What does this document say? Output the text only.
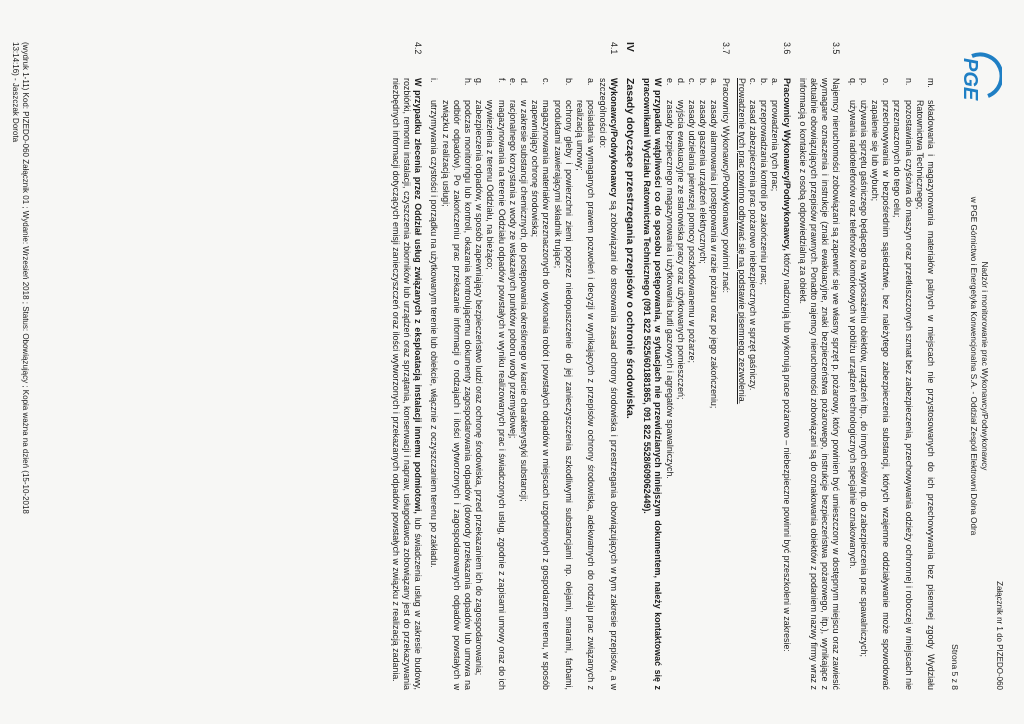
PGE
Nadzór i monitorowanie prac Wykonawcy/Podwykonawcy
w PGE Górnictwo i Energetyka Konwencjonalna S.A. - Oddział Zespół Elektrowni Dolna Odra
Załącznik nr 1 do PIZEDO-060
Strona 5 z 8
m.
składowania i magazynowania materiałów palnych w miejscach nie przystosowanych do ich przechowywania bez pisemnej zgody Wydziału Ratownictwa Technicznego;
n.
pozostawiania czyściwa do maszyn oraz przetłuszczonych szmat bez zabezpieczenia, przechowywania odzieży ochronnej i roboczej w miejscach nie przeznaczonych do tego celu;
o.
przechowywania w bezpośrednim sąsiedztwie, bez należytego zabezpieczenia substancji, których wzajemne oddziaływanie może spowodować zapalenie się lub wybuch;
p.
używania sprzętu gaśniczego będącego na wyposażeniu obiektów, urządzeń itp., do innych celów np. do zabezpieczenia prac spawalniczych;
q.
używania radiotelefonów oraz telefonów komórkowych w pobliżu urządzeń technologicznych specjalnie oznakowanych.
3.5
Najemcy nieruchomości zobowiązani są zapewnić się we własny sprzęt p. pożarowy, który powinien być umieszczony w dostępnym miejscu oraz zawiesić wymagane oznaczenia i instrukcje (znaki ewakuacyjne, znaki bezpieczeństwa pożarowego, instrukcje bezpieczeństwa pożarowego, itp.), wynikające z aktualnie obowiązujących przepisów prawnych. Ponadto najemcy nieruchomości zobowiązani są do oznakowania obiektów z podaniem nazwy firmy wraz z informacją o kontakcie z osobą odpowiedzialną za obiekt.
3.6
Pracownicy Wykonawcy/Podwykonawcy, którzy nadzorują lub wykonują prace pożarowo – niebezpieczne powinni być przeszkoleni w zakresie:
a.
prowadzenia tych prac;
b.
przeprowadzania kontroli po zakończeniu prac;
c.
zasad zabezpieczenia prac pożarowo niebezpiecznych w sprzęt gaśniczy.
Prowadzenie tych prac powinno odbywać się na podstawie pisemnego zezwolenia.
3.7
Pracownicy Wykonawcy/Podwykonawcy powinni znać:
a.
zasady alarmowania i postępowania w razie pożaru oraz po jego zakończeniu;
b.
zasady gaszenia urządzeń elektrycznych;
c.
zasady udzielania pierwszej pomocy poszkodowanemu w pożarze;
d.
wyjścia ewakuacyjne ze stanowiska pracy oraz użytkowanych pomieszczeń;
e.
zasady bezpiecznego magazynowania i użytkowania butli gazowych i agregatów spawalniczych.
W przypadku wątpliwości co do sposobu postępowania, w sytuacjach nie przewidzianych niniejszym dokumentem, należy kontaktować się z pracownikami Wydziału Ratownictwa Technicznego (091 822 5525/601881865, 091 822 5528/609062449).
IV
Zasady dotyczące przestrzegania przepisów o ochronie środowiska.
4.1
Wykonawcy/Podwykonawcy są zobowiązani do stosowania zasad ochrony środowiska i przestrzegania obowiązujących w tym zakresie przepisów, a w szczególności do:
a.
posiadania wymaganych prawem pozwoleń i decyzji w wynikających z przepisów ochrony środowiska, adekwatnych do rodzaju prac związanych z realizacją umowy;
b.
ochrony gleby i powierzchni ziemi poprzez niedopuszczenie do jej zanieczyszczenia szkodliwymi substancjami np. olejami, smarami, farbami, produktami zawierającymi składnik trujące;
c.
magazynowania materiałów przeznaczonych do wykonania robót i powstałych odpadów w miejscach uzgodnionych z gospodarzem terenu, w sposób zapewniający ochronę środowiska;
d.
w zakresie substancji chemicznych, do postępowania określonego w karcie charakterystyki substancji;
e.
racjonalnego korzystania z wody ze wskazanych punktów poboru wody przemysłowej;
f.
magazynowania na terenie Oddziału odpadów powstałych w wyniku realizowanych prac i świadczonych usług, zgodnie z zapisami umowy oraz do ich wywiezienia z terenu Oddziału, na bieżąco;
g.
zabezpieczenia odpadów, w sposób zapewniający bezpieczeństwo ludzi oraz ochronę środowiska, przed przekazaniem ich do zagospodarowania;
h.
podczas monitoringu lub kontroli, okazania kontrolującemu dokumenty zagospodarowania odpadów (dowody przekazania odpadów lub umowa na odbiór odpadów). Po zakończeniu prac przekazanie informacji o rodzajach i ilości wytworzonych i zagospodarowanych odpadów powstałych w związku z realizacją usługi;
i.
utrzymywania czystości i porządku na użytkowanym terenie lub obiekcie, włącznie z oczyszczaniem terenu po zakładu.
4.2
W przypadku zlecenia przez Oddział usług związanych z eksploatacją instalacji innemu podmiotowi, lub świadczenia usług w zakresie budowy, rozbiórki, remontu instalacji, czyszczenia zbiorników lub urządzeń oraz sprzątania, konserwacji i napraw, usługodawca zobowiązany jest do przekazywania niezbędnych informacji dotyczących emisji zanieczyszczeń oraz ilości wytworzonych i przekazanych odpadów powstałych w związku z realizacją zadania.
(wydruk 1-11) Kod: PIZEDO-060 Załącznik 01 ; Wydanie: Wrzesień 2018 ; Status: Obowiązujący ; Kopia ważna na dzień (15-10-2018
13:14:16) - Jaszczak Dorota
